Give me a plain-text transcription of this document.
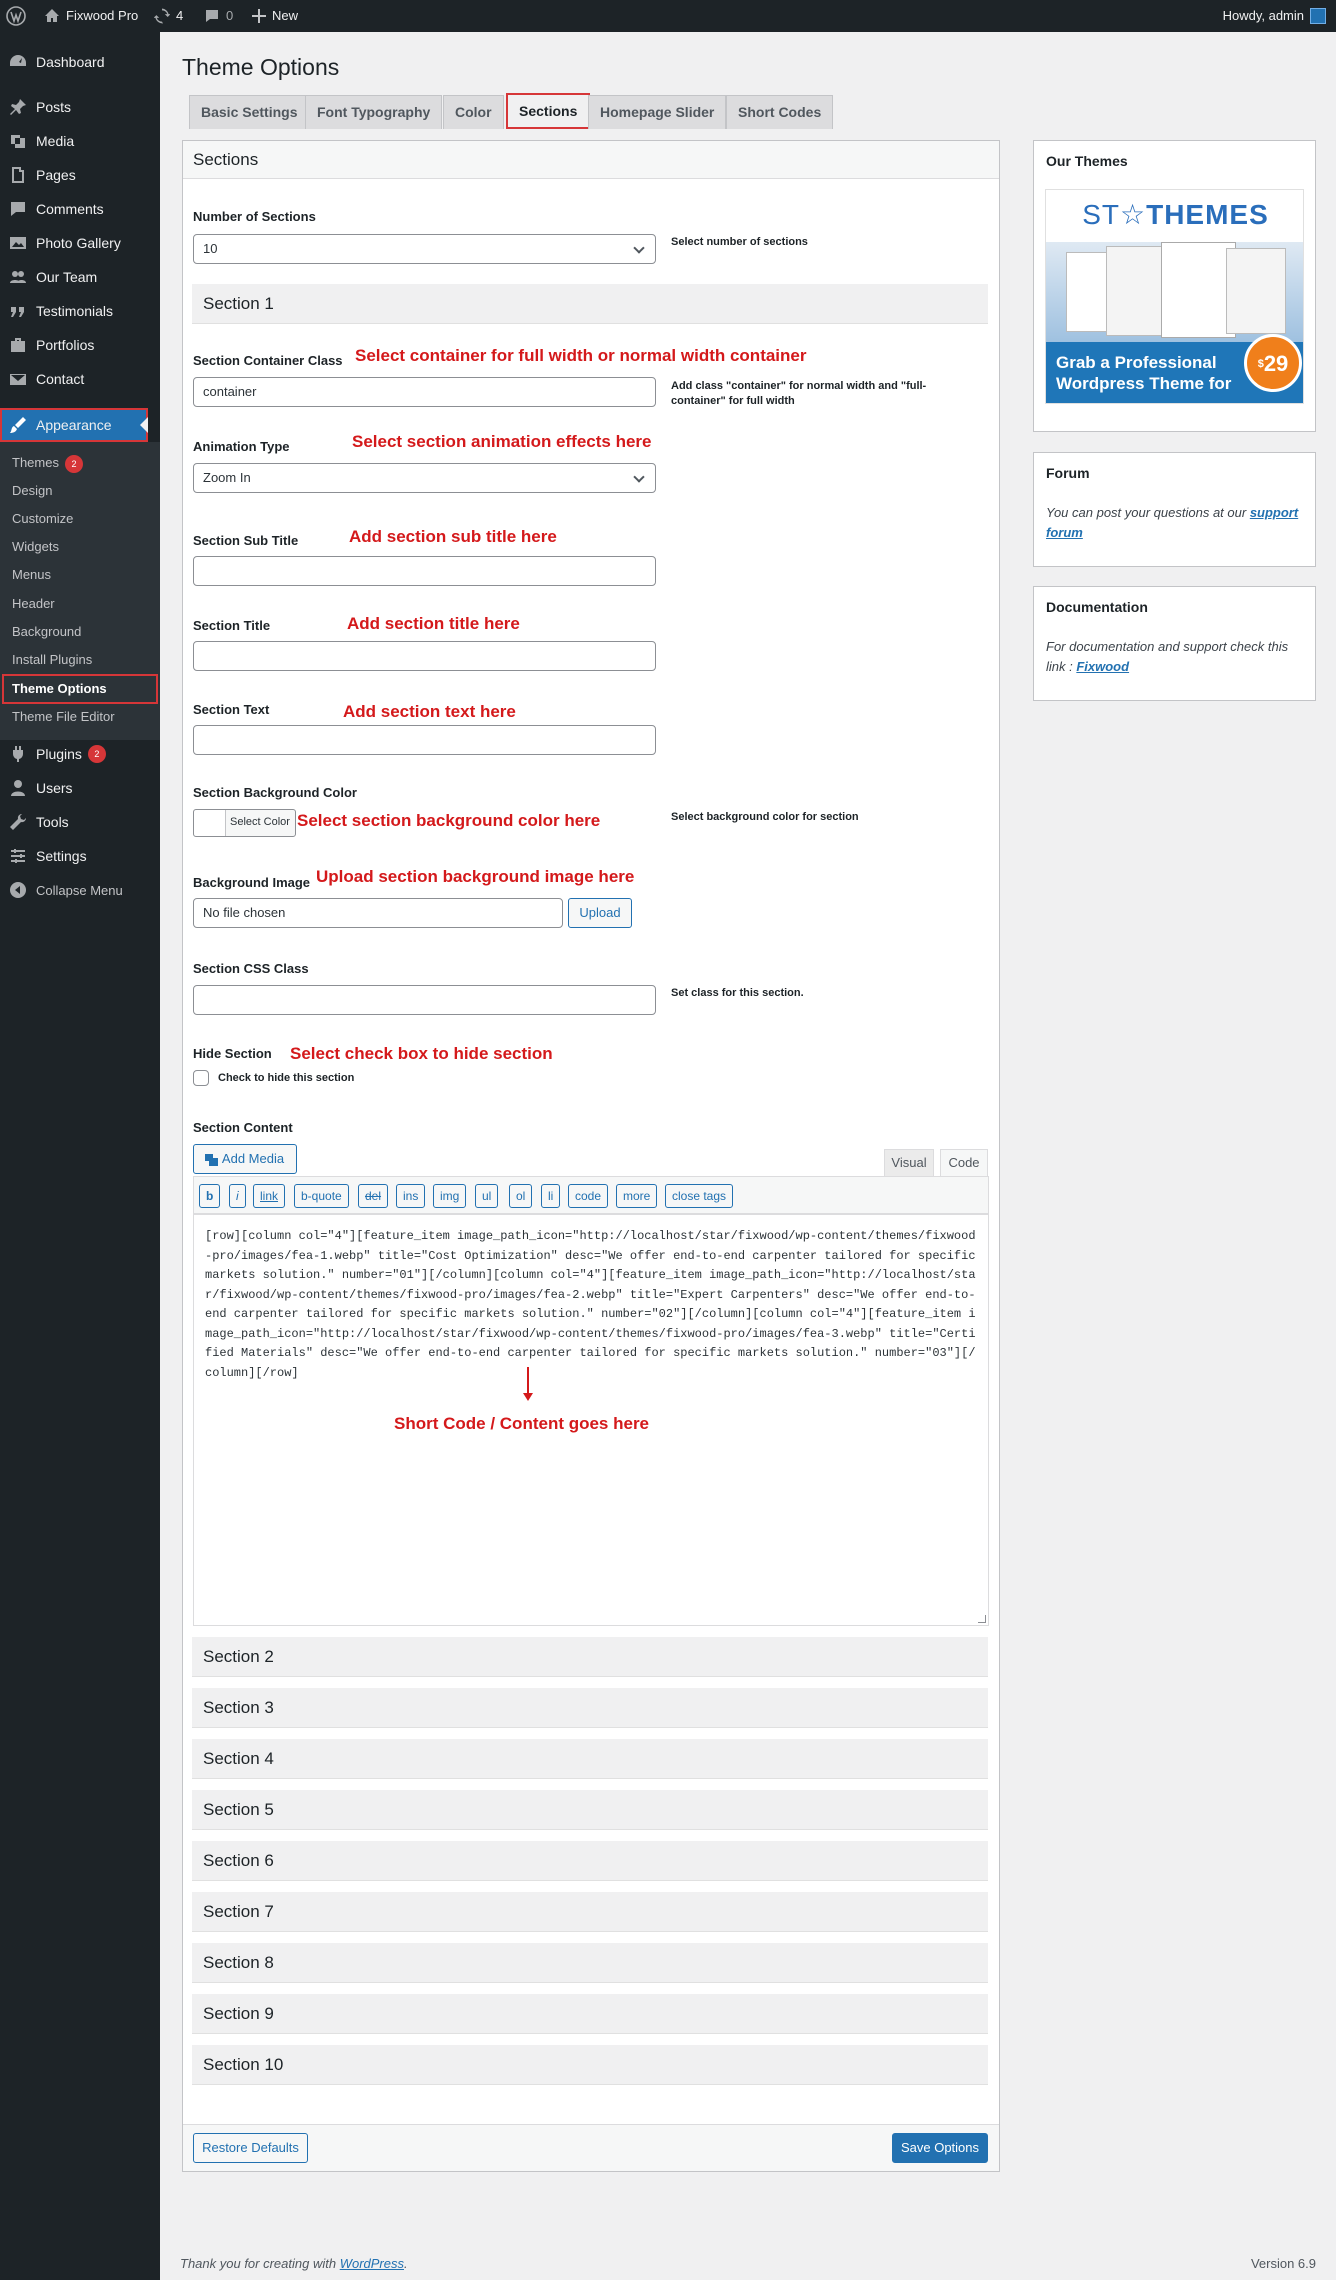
Fixwood Pro	4	0	New	Howdy, admin
Dashboard
Posts
Media
Pages
Comments
Photo Gallery
Our Team
Testimonials
Portfolios
Contact
Appearance
Themes 2
Design
Customize
Widgets
Menus
Header
Background
Install Plugins
Theme Options
Theme File Editor
Plugins	2
Users
Tools
Settings
Collapse Menu
Theme Options
Basic Settings	Font Typography	Color	Sections	Homepage Slider	Short Codes
Sections
Number of Sections
10	Select number of sections
Section 1
Section Container Class Select container for full width or normal width container
container	Add class "container" for normal width and "full-container" for full width
Animation Type	Select section animation effects here
Zoom In
Section Sub Title	Add section sub title here
Section Title	Add section title here
Section Text	Add section text here
Section Background Color
Select Color Select section background color here	Select background color for section
Background Image Upload section background image here
No file chosen	Upload
Section CSS Class
Set class for this section.
Hide Section Select check box to hide section
Check to hide this section
Section Content
Add Media	Visual	Code
b	i	link	b-quote	del	ins	img	ul	ol	li	code	more	close tags
[row][column col="4"][feature_item image_path_icon="http://localhost/star/fixwood/wp-content/themes/fixwood-pro/images/fea-1.webp" title="Cost Optimization" desc="We offer end-to-end carpenter tailored for specific markets solution." number="01"][/column][column col="4"][feature_item image_path_icon="http://localhost/star/fixwood/wp-content/themes/fixwood-pro/images/fea-2.webp" title="Expert Carpenters" desc="We offer end-to-end carpenter tailored for specific markets solution." number="02"][/column][column col="4"][feature_item image_path_icon="http://localhost/star/fixwood/wp-content/themes/fixwood-pro/images/fea-3.webp" title="Certified Materials" desc="We offer end-to-end carpenter tailored for specific markets solution." number="03"][/column][/row]
Short Code / Content goes here
Section 2
Section 3
Section 4
Section 5
Section 6
Section 7
Section 8
Section 9
Section 10
Restore Defaults	Save Options
Our Themes
ST☆THEMES
Grab a Professional
Wordpress Theme for
$29
Forum

You can post your questions at our support forum

Documentation

For documentation and support check this link : Fixwood

Thank you for creating with WordPress.	Version 6.9
